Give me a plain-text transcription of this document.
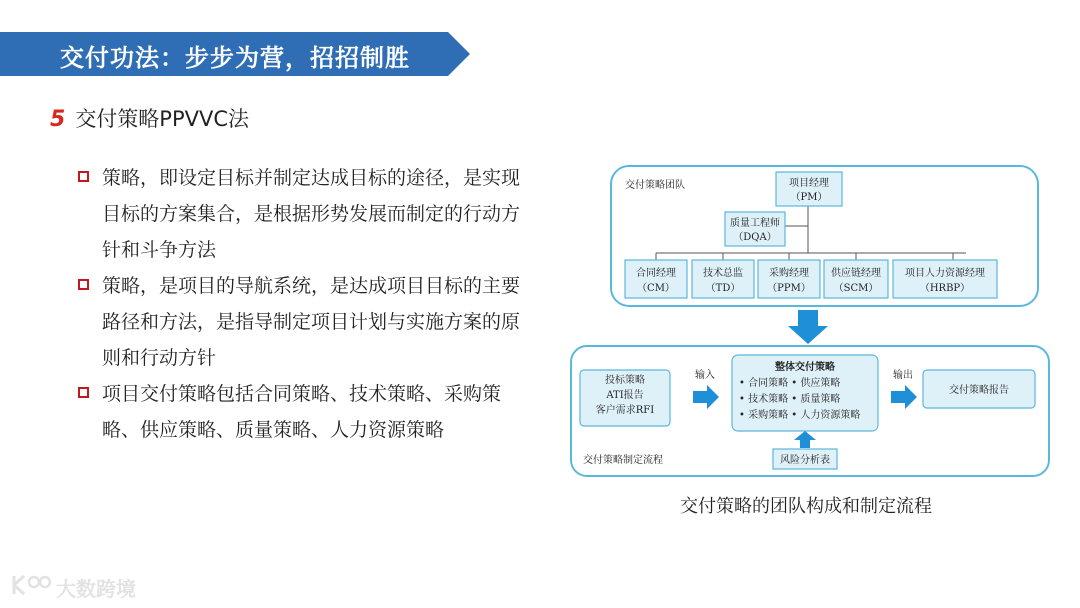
交付功法：步步为营，招招制胜
5 交付策略PPVVC法
策略，即设定目标并制定达成目标的途径，是实现目标的方案集合，是根据形势发展而制定的行动方针和斗争方法
策略，是项目的导航系统，是达成项目目标的主要路径和方法，是指导制定项目计划与实施方案的原则和行动方针
项目交付策略包括合同策略、技术策略、采购策略、供应策略、质量策略、人力资源策略
交付策略团队	项目经理
（PM）
质量工程师
（DQA）
合同经理
（CM）
技术总监
（TD）
采购经理
（PPM）
供应链经理
（SCM）
项目人力资源经理
（HRBP）
交付策略制定流程
投标策略
ATI报告
客户需求RFI
输入
整体交付策略
• 合同策略 • 供应策略
• 技术策略 • 质量策略
• 采购策略 • 人力资源策略
输出
交付策略报告
风险分析表
交付策略的团队构成和制定流程
大数跨境
